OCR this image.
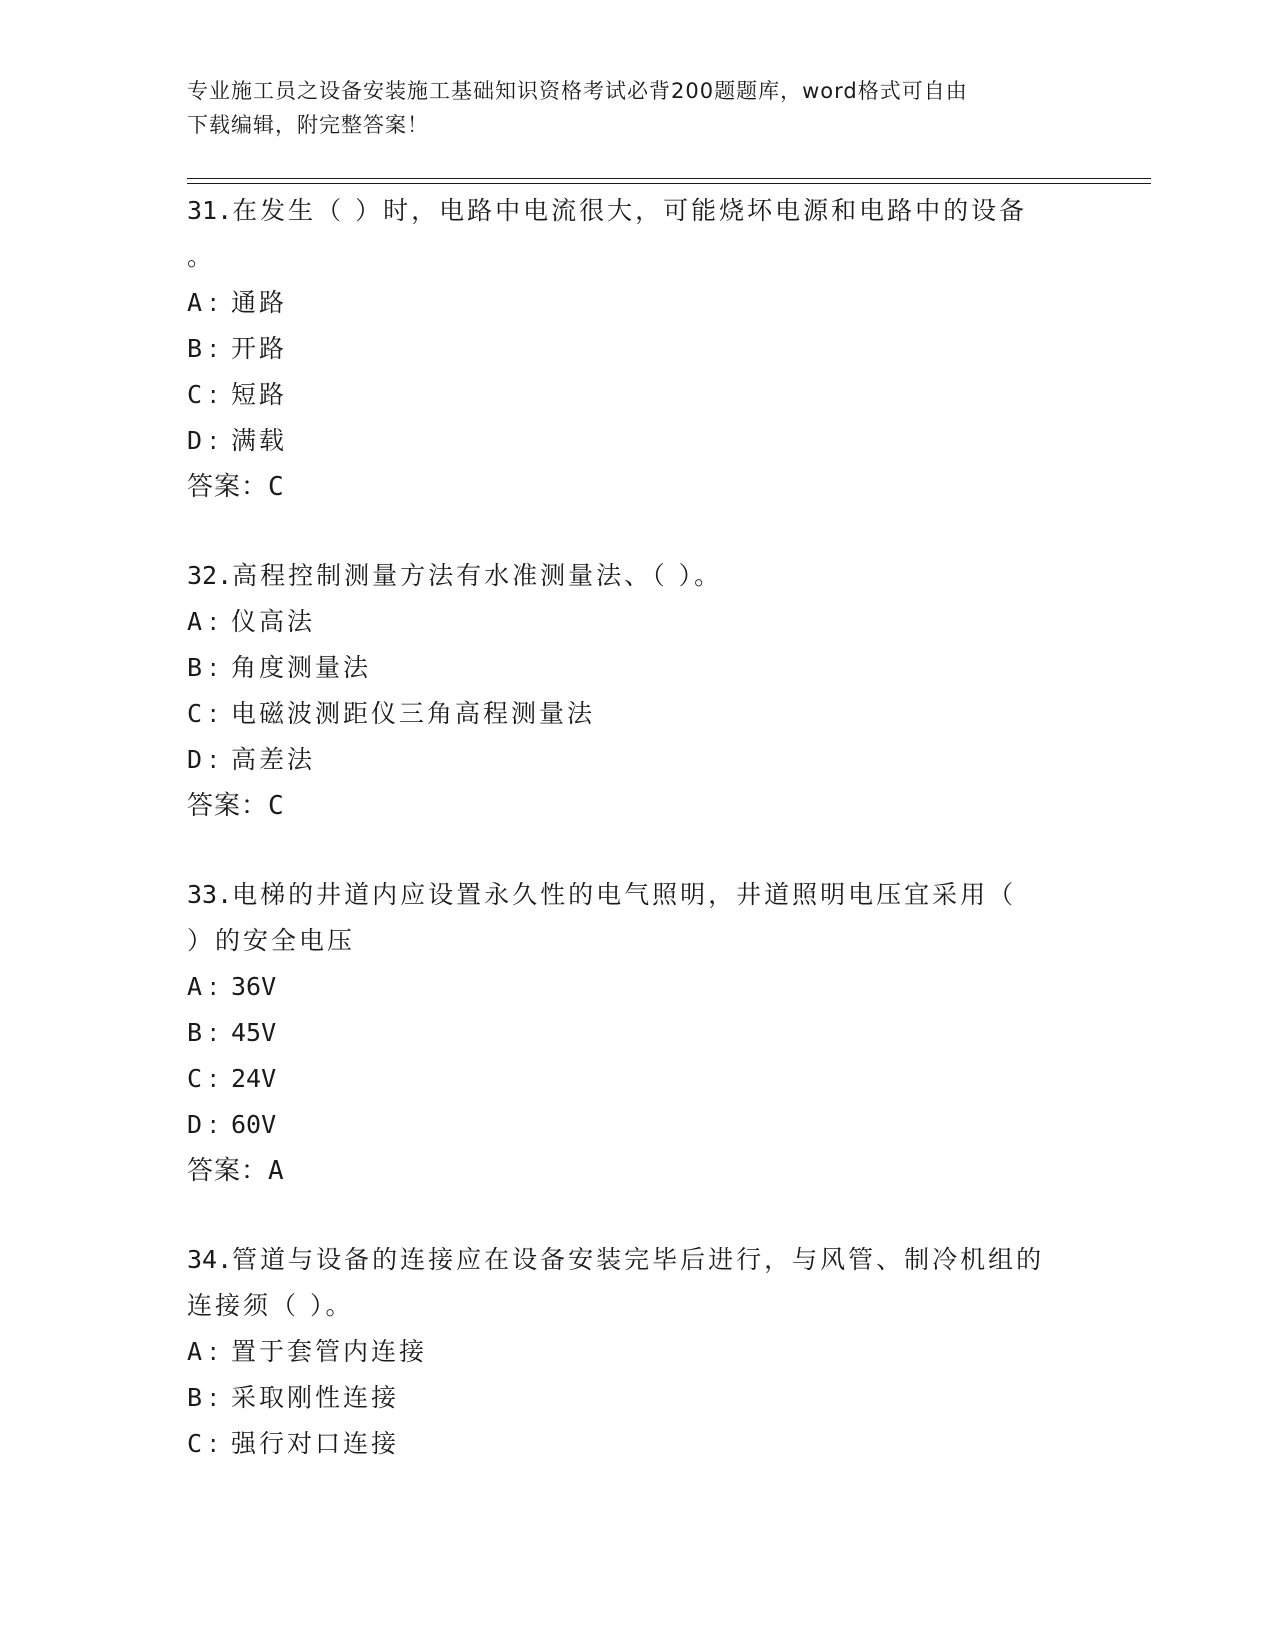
专业施工员之设备安装施工基础知识资格考试必背200题题库，word格式可自由
下载编辑，附完整答案！

31.在发生（ ）时，电路中电流很大，可能烧坏电源和电路中的设备

。

A : 通路

B : 开路

C : 短路

D : 满载

答案：C

32.高程控制测量方法有水准测量法、（ ）。

A : 仪高法

B : 角度测量法

C : 电磁波测距仪三角高程测量法

D : 高差法

答案：C

33.电梯的井道内应设置永久性的电气照明，井道照明电压宜采用（

）的安全电压

A : 36V

B : 45V

C : 24V

D : 60V

答案：A

34.管道与设备的连接应在设备安装完毕后进行，与风管、制冷机组的

连接须（ ）。

A : 置于套管内连接

B : 采取刚性连接

C : 强行对口连接
